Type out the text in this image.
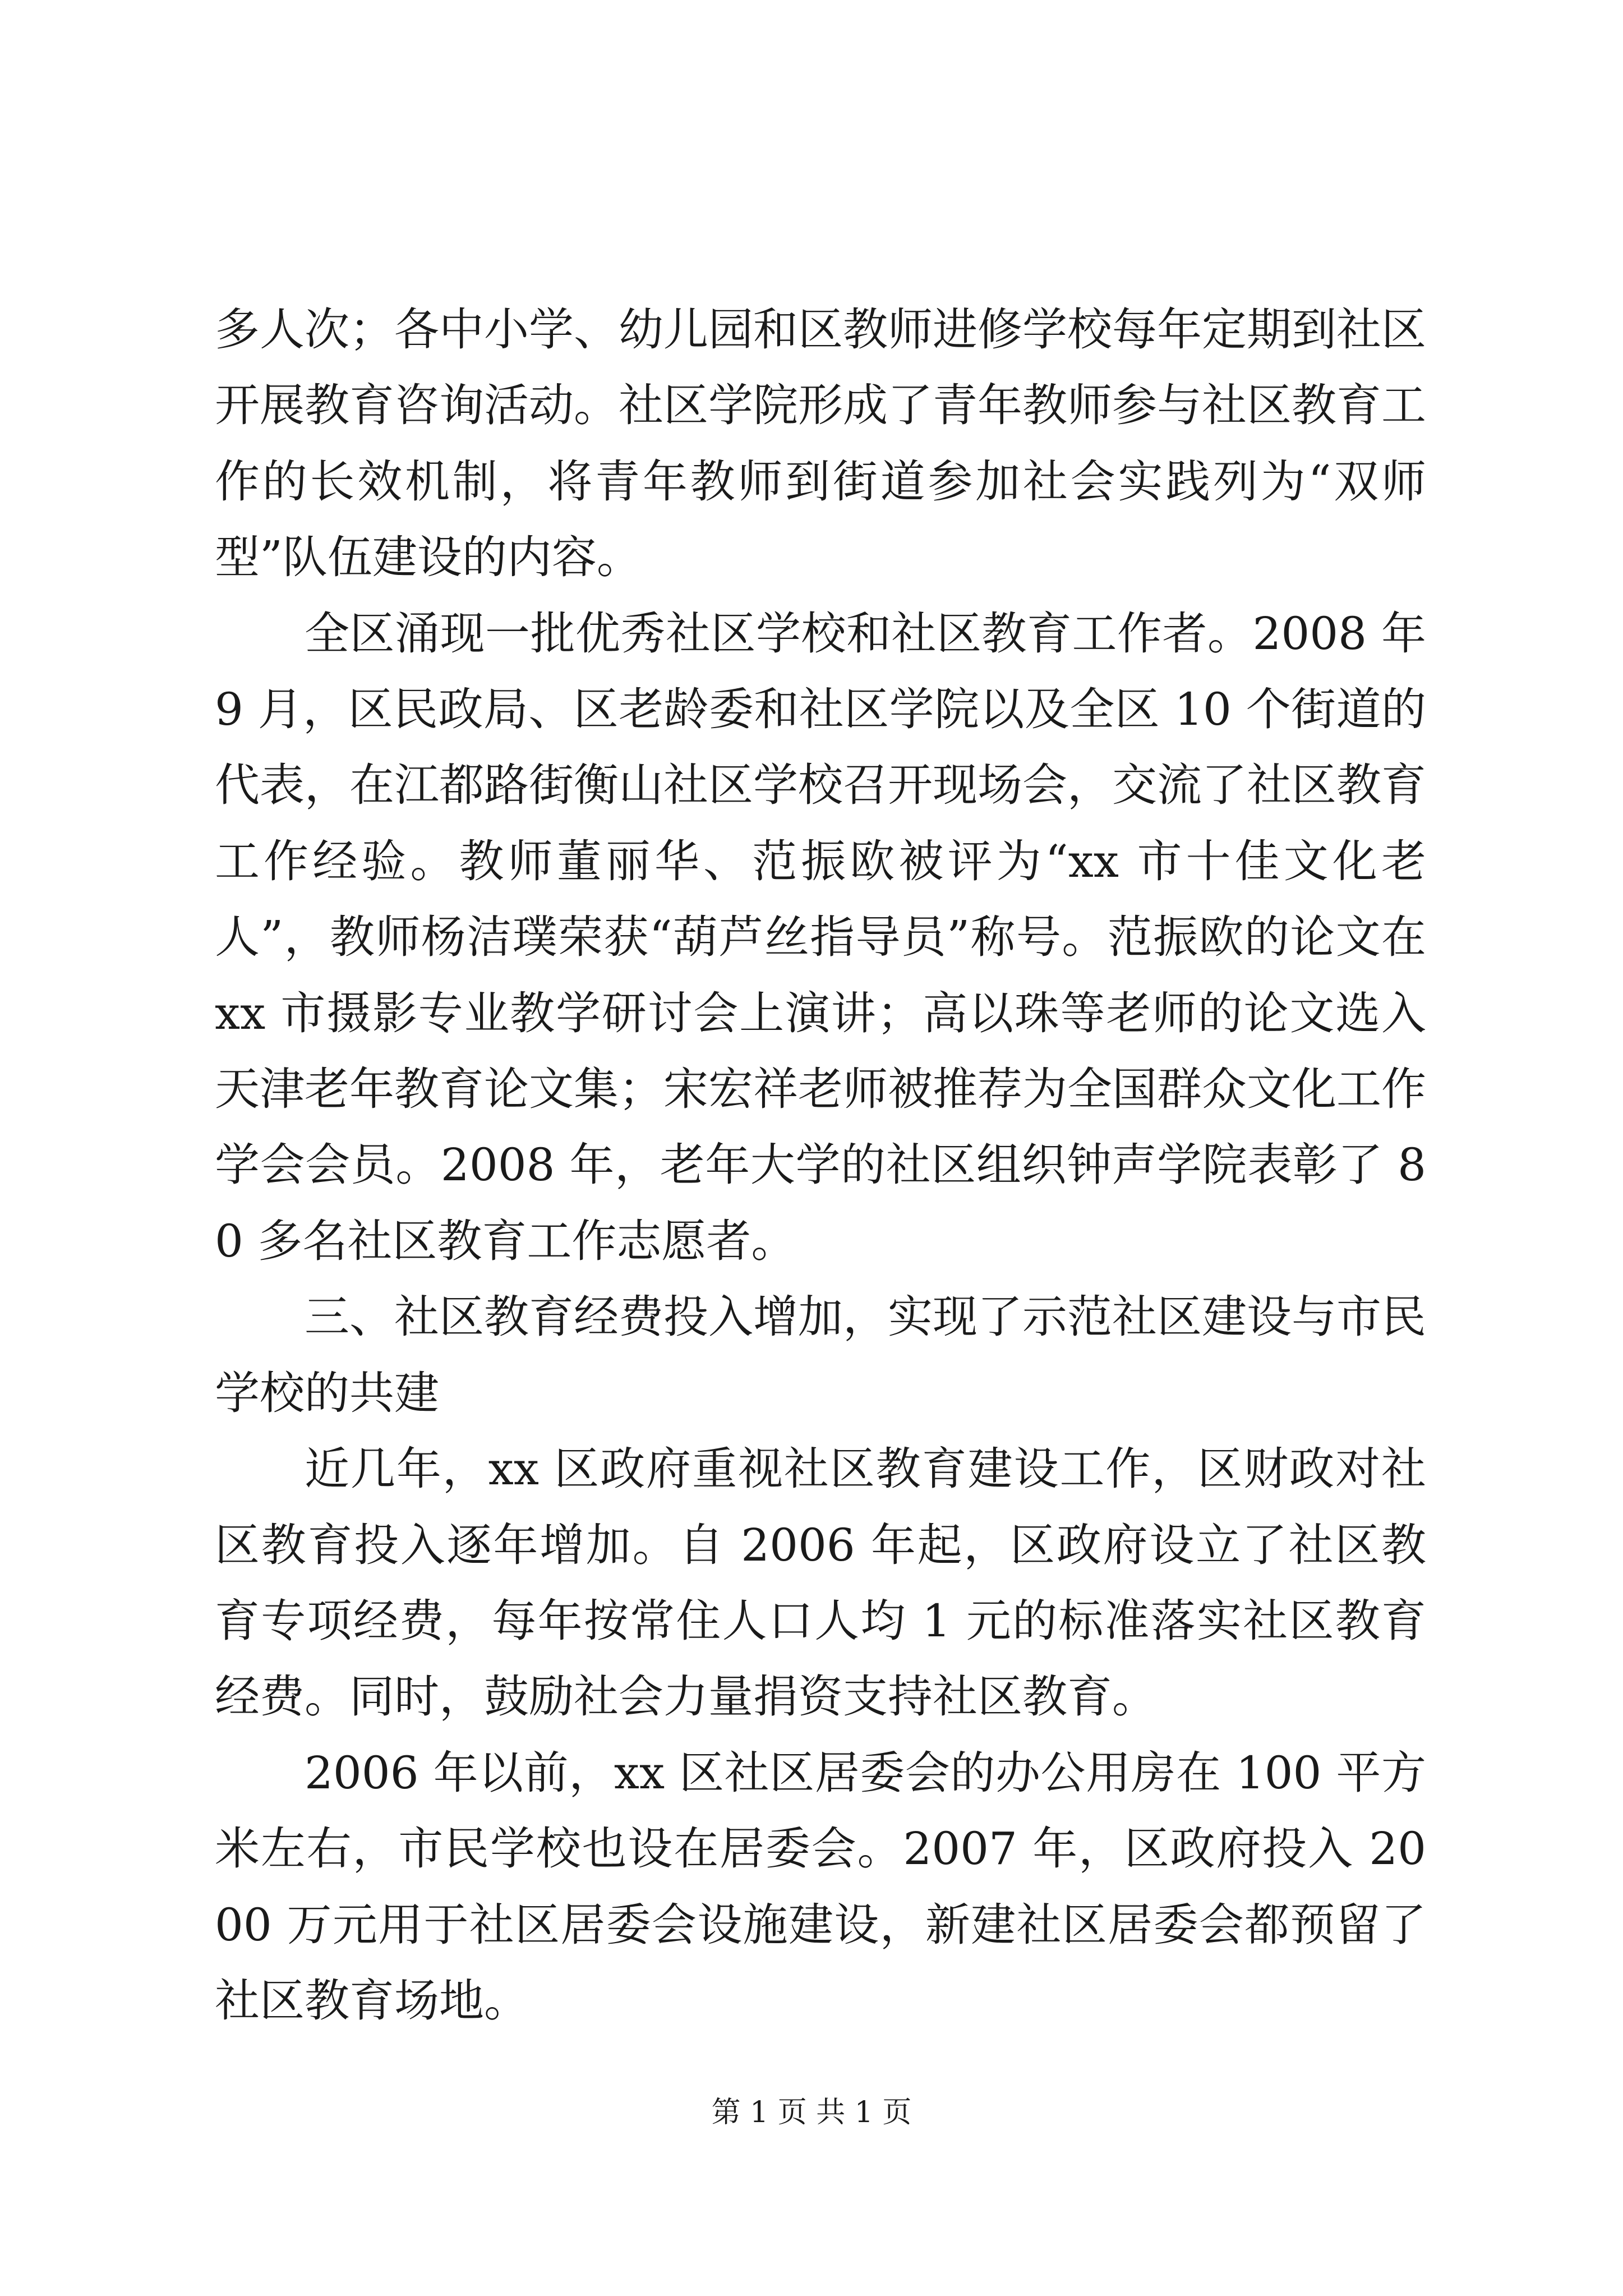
多人次；各中小学、幼儿园和区教师进修学校每年定期到社区开展教育咨询活动。社区学院形成了青年教师参与社区教育工作的长效机制，将青年教师到街道参加社会实践列为“双师型”队伍建设的内容。

全区涌现一批优秀社区学校和社区教育工作者。2008 年 9 月，区民政局、区老龄委和社区学院以及全区 10 个街道的代表，在江都路街衡山社区学校召开现场会，交流了社区教育工作经验。教师董丽华、范振欧被评为“xx 市十佳文化老人”，教师杨洁璞荣获“葫芦丝指导员”称号。范振欧的论文在 xx 市摄影专业教学研讨会上演讲；高以珠等老师的论文选入天津老年教育论文集；宋宏祥老师被推荐为全国群众文化工作学会会员。2008 年，老年大学的社区组织钟声学院表彰了 80 多名社区教育工作志愿者。

三、社区教育经费投入增加，实现了示范社区建设与市民学校的共建

近几年，xx 区政府重视社区教育建设工作，区财政对社区教育投入逐年增加。自 2006 年起，区政府设立了社区教育专项经费，每年按常住人口人均 1 元的标准落实社区教育经费。同时，鼓励社会力量捐资支持社区教育。

2006 年以前，xx 区社区居委会的办公用房在 100 平方米左右，市民学校也设在居委会。2007 年，区政府投入 2000 万元用于社区居委会设施建设，新建社区居委会都预留了社区教育场地。

第 1 页 共 1 页
